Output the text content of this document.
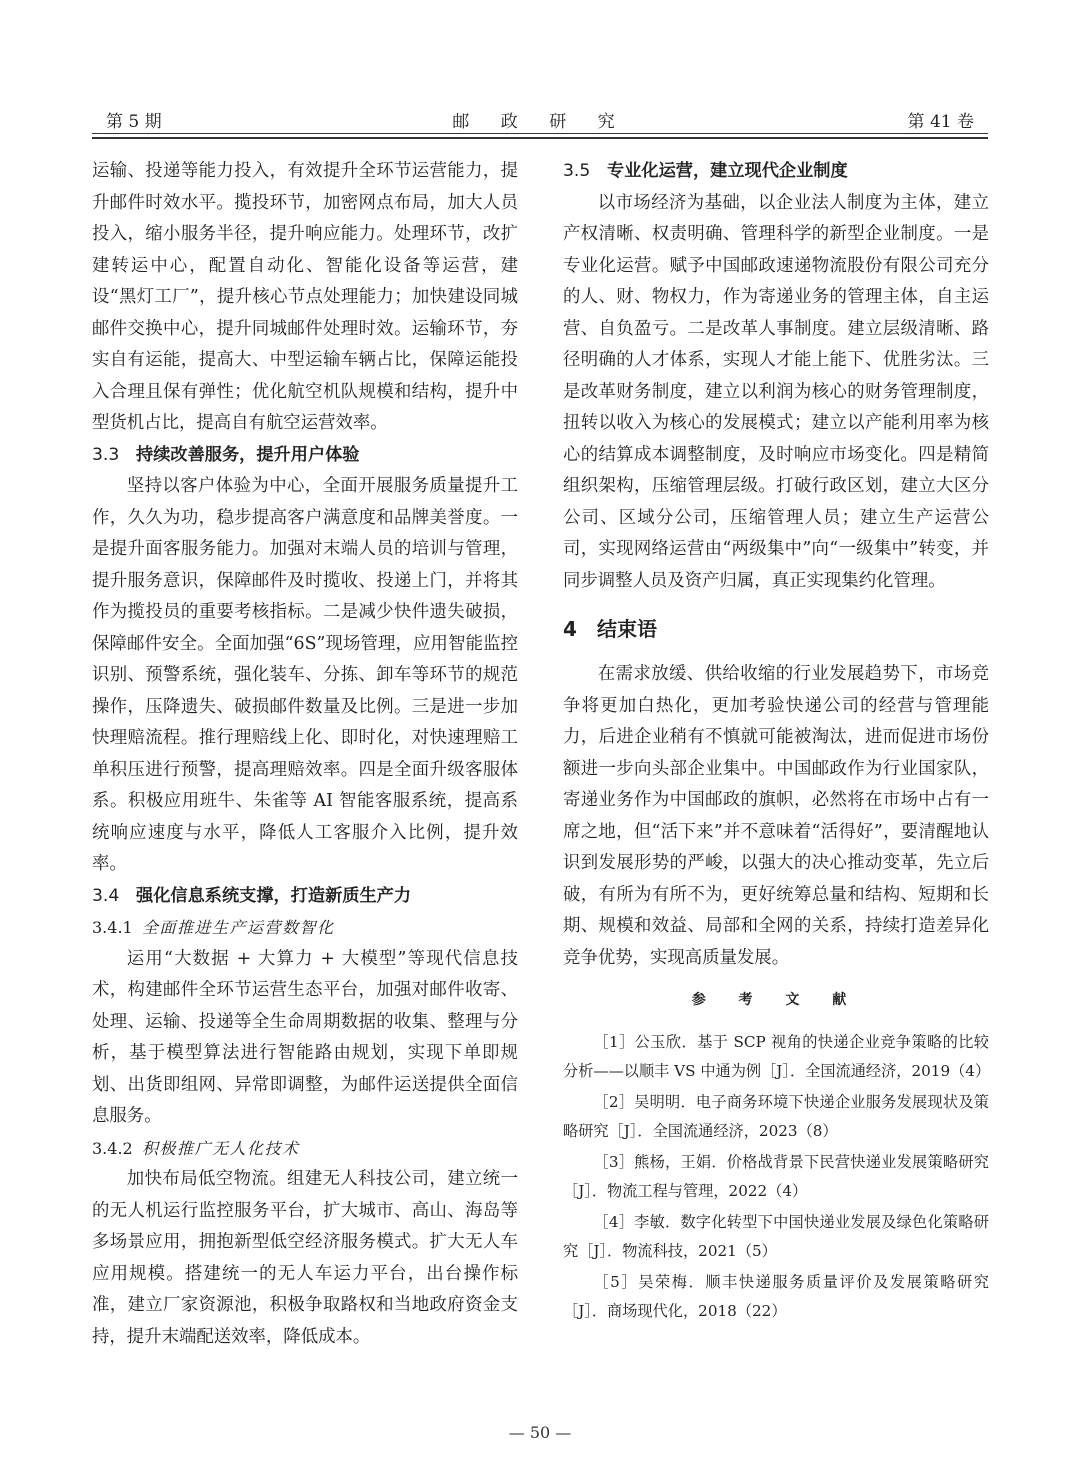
第 5 期	邮 政 研 究	第 41 卷

运输、投递等能力投入，有效提升全环节运营能力，提升邮件时效水平。揽投环节，加密网点布局，加大人员投入，缩小服务半径，提升响应能力。处理环节，改扩建转运中心，配置自动化、智能化设备等运营，建设“黑灯工厂”，提升核心节点处理能力；加快建设同城邮件交换中心，提升同城邮件处理时效。运输环节，夯实自有运能，提高大、中型运输车辆占比，保障运能投入合理且保有弹性；优化航空机队规模和结构，提升中型货机占比，提高自有航空运营效率。

3.3 持续改善服务，提升用户体验

坚持以客户体验为中心，全面开展服务质量提升工作，久久为功，稳步提高客户满意度和品牌美誉度。一是提升面客服务能力。加强对末端人员的培训与管理，提升服务意识，保障邮件及时揽收、投递上门，并将其作为揽投员的重要考核指标。二是减少快件遗失破损，保障邮件安全。全面加强“6S”现场管理，应用智能监控识别、预警系统，强化装车、分拣、卸车等环节的规范操作，压降遗失、破损邮件数量及比例。三是进一步加快理赔流程。推行理赔线上化、即时化，对快速理赔工单积压进行预警，提高理赔效率。四是全面升级客服体系。积极应用班牛、朱雀等 AI 智能客服系统，提高系统响应速度与水平，降低人工客服介入比例，提升效率。

3.4 强化信息系统支撑，打造新质生产力

3.4.1 全面推进生产运营数智化

运用“大数据 + 大算力 + 大模型”等现代信息技术，构建邮件全环节运营生态平台，加强对邮件收寄、处理、运输、投递等全生命周期数据的收集、整理与分析，基于模型算法进行智能路由规划，实现下单即规划、出货即组网、异常即调整，为邮件运送提供全面信息服务。

3.4.2 积极推广无人化技术

加快布局低空物流。组建无人科技公司，建立统一的无人机运行监控服务平台，扩大城市、高山、海岛等多场景应用，拥抱新型低空经济服务模式。扩大无人车应用规模。搭建统一的无人车运力平台，出台操作标准，建立厂家资源池，积极争取路权和当地政府资金支持，提升末端配送效率，降低成本。

3.5 专业化运营，建立现代企业制度

以市场经济为基础，以企业法人制度为主体，建立产权清晰、权责明确、管理科学的新型企业制度。一是专业化运营。赋予中国邮政速递物流股份有限公司充分的人、财、物权力，作为寄递业务的管理主体，自主运营、自负盈亏。二是改革人事制度。建立层级清晰、路径明确的人才体系，实现人才能上能下、优胜劣汰。三是改革财务制度，建立以利润为核心的财务管理制度，扭转以收入为核心的发展模式；建立以产能利用率为核心的结算成本调整制度，及时响应市场变化。四是精简组织架构，压缩管理层级。打破行政区划，建立大区分公司、区域分公司，压缩管理人员；建立生产运营公司，实现网络运营由“两级集中”向“一级集中”转变，并同步调整人员及资产归属，真正实现集约化管理。

4 结束语

在需求放缓、供给收缩的行业发展趋势下，市场竞争将更加白热化，更加考验快递公司的经营与管理能力，后进企业稍有不慎就可能被淘汰，进而促进市场份额进一步向头部企业集中。中国邮政作为行业国家队，寄递业务作为中国邮政的旗帜，必然将在市场中占有一席之地，但“活下来”并不意味着“活得好”，要清醒地认识到发展形势的严峻，以强大的决心推动变革，先立后破，有所为有所不为，更好统筹总量和结构、短期和长期、规模和效益、局部和全网的关系，持续打造差异化竞争优势，实现高质量发展。

参 考 文 献

［1］公玉欣．基于 SCP 视角的快递企业竞争策略的比较分析——以顺丰 VS 中通为例［J］．全国流通经济，2019（4）

［2］吴明明．电子商务环境下快递企业服务发展现状及策略研究［J］．全国流通经济，2023（8）

［3］熊杨，王娟．价格战背景下民营快递业发展策略研究［J］．物流工程与管理，2022（4）

［4］李敏．数字化转型下中国快递业发展及绿色化策略研究［J］．物流科技，2021（5）

［5］吴荣梅．顺丰快递服务质量评价及发展策略研究［J］．商场现代化，2018（22）

— 50 —
